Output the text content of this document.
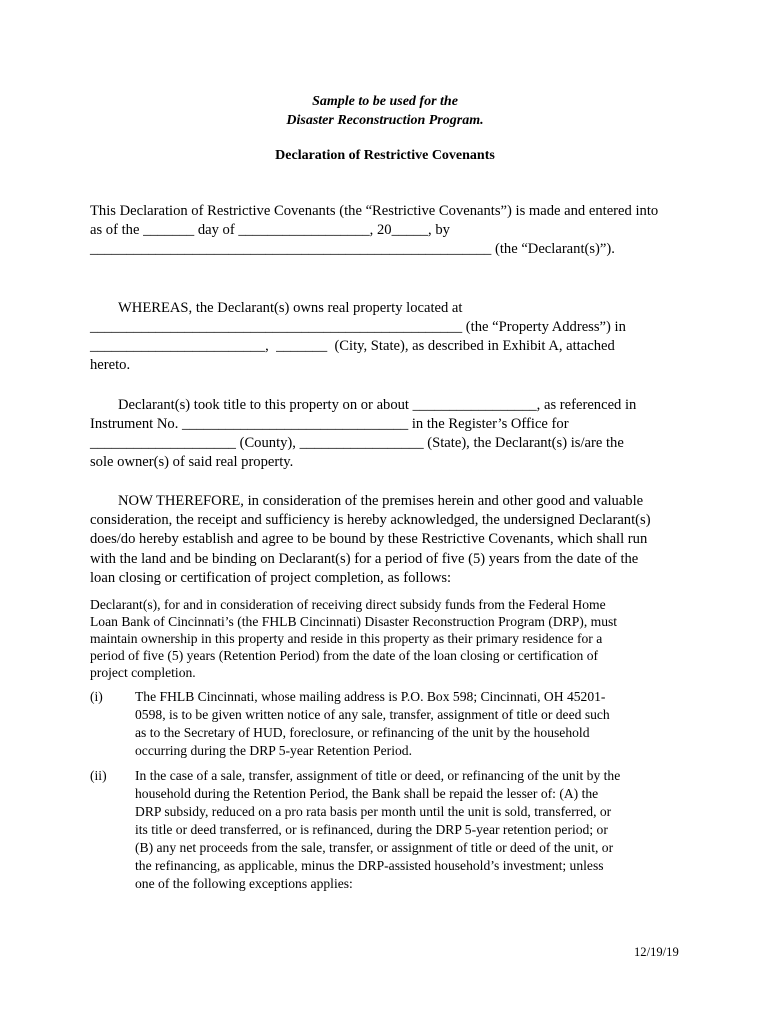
Sample to be used for the
Disaster Reconstruction Program.
Declaration of Restrictive Covenants
This Declaration of Restrictive Covenants (the “Restrictive Covenants”) is made and entered into
as of the _______ day of __________________, 20_____, by
_______________________________________________________ (the “Declarant(s)”).
WHEREAS, the Declarant(s) owns real property located at
___________________________________________________ (the “Property Address”) in
________________________,  _______  (City, State), as described in Exhibit A, attached
hereto.
Declarant(s) took title to this property on or about _________________, as referenced in
Instrument No. _______________________________ in the Register’s Office for
____________________ (County), _________________ (State), the Declarant(s) is/are the
sole owner(s) of said real property.
NOW THEREFORE, in consideration of the premises herein and other good and valuable
consideration, the receipt and sufficiency is hereby acknowledged, the undersigned Declarant(s)
does/do hereby establish and agree to be bound by these Restrictive Covenants, which shall run
with the land and be binding on Declarant(s) for a period of five (5) years from the date of the
loan closing or certification of project completion, as follows:
Declarant(s), for and in consideration of receiving direct subsidy funds from the Federal Home
Loan Bank of Cincinnati’s (the FHLB Cincinnati) Disaster Reconstruction Program (DRP), must
maintain ownership in this property and reside in this property as their primary residence for a
period of five (5) years (Retention Period) from the date of the loan closing or certification of
project completion.
(i) The FHLB Cincinnati, whose mailing address is P.O. Box 598; Cincinnati, OH 45201-
0598, is to be given written notice of any sale, transfer, assignment of title or deed such
as to the Secretary of HUD, foreclosure, or refinancing of the unit by the household
occurring during the DRP 5-year Retention Period.
(ii) In the case of a sale, transfer, assignment of title or deed, or refinancing of the unit by the
household during the Retention Period, the Bank shall be repaid the lesser of: (A) the
DRP subsidy, reduced on a pro rata basis per month until the unit is sold, transferred, or
its title or deed transferred, or is refinanced, during the DRP 5-year retention period; or
(B) any net proceeds from the sale, transfer, or assignment of title or deed of the unit, or
the refinancing, as applicable, minus the DRP-assisted household’s investment; unless
one of the following exceptions applies:
12/19/19
